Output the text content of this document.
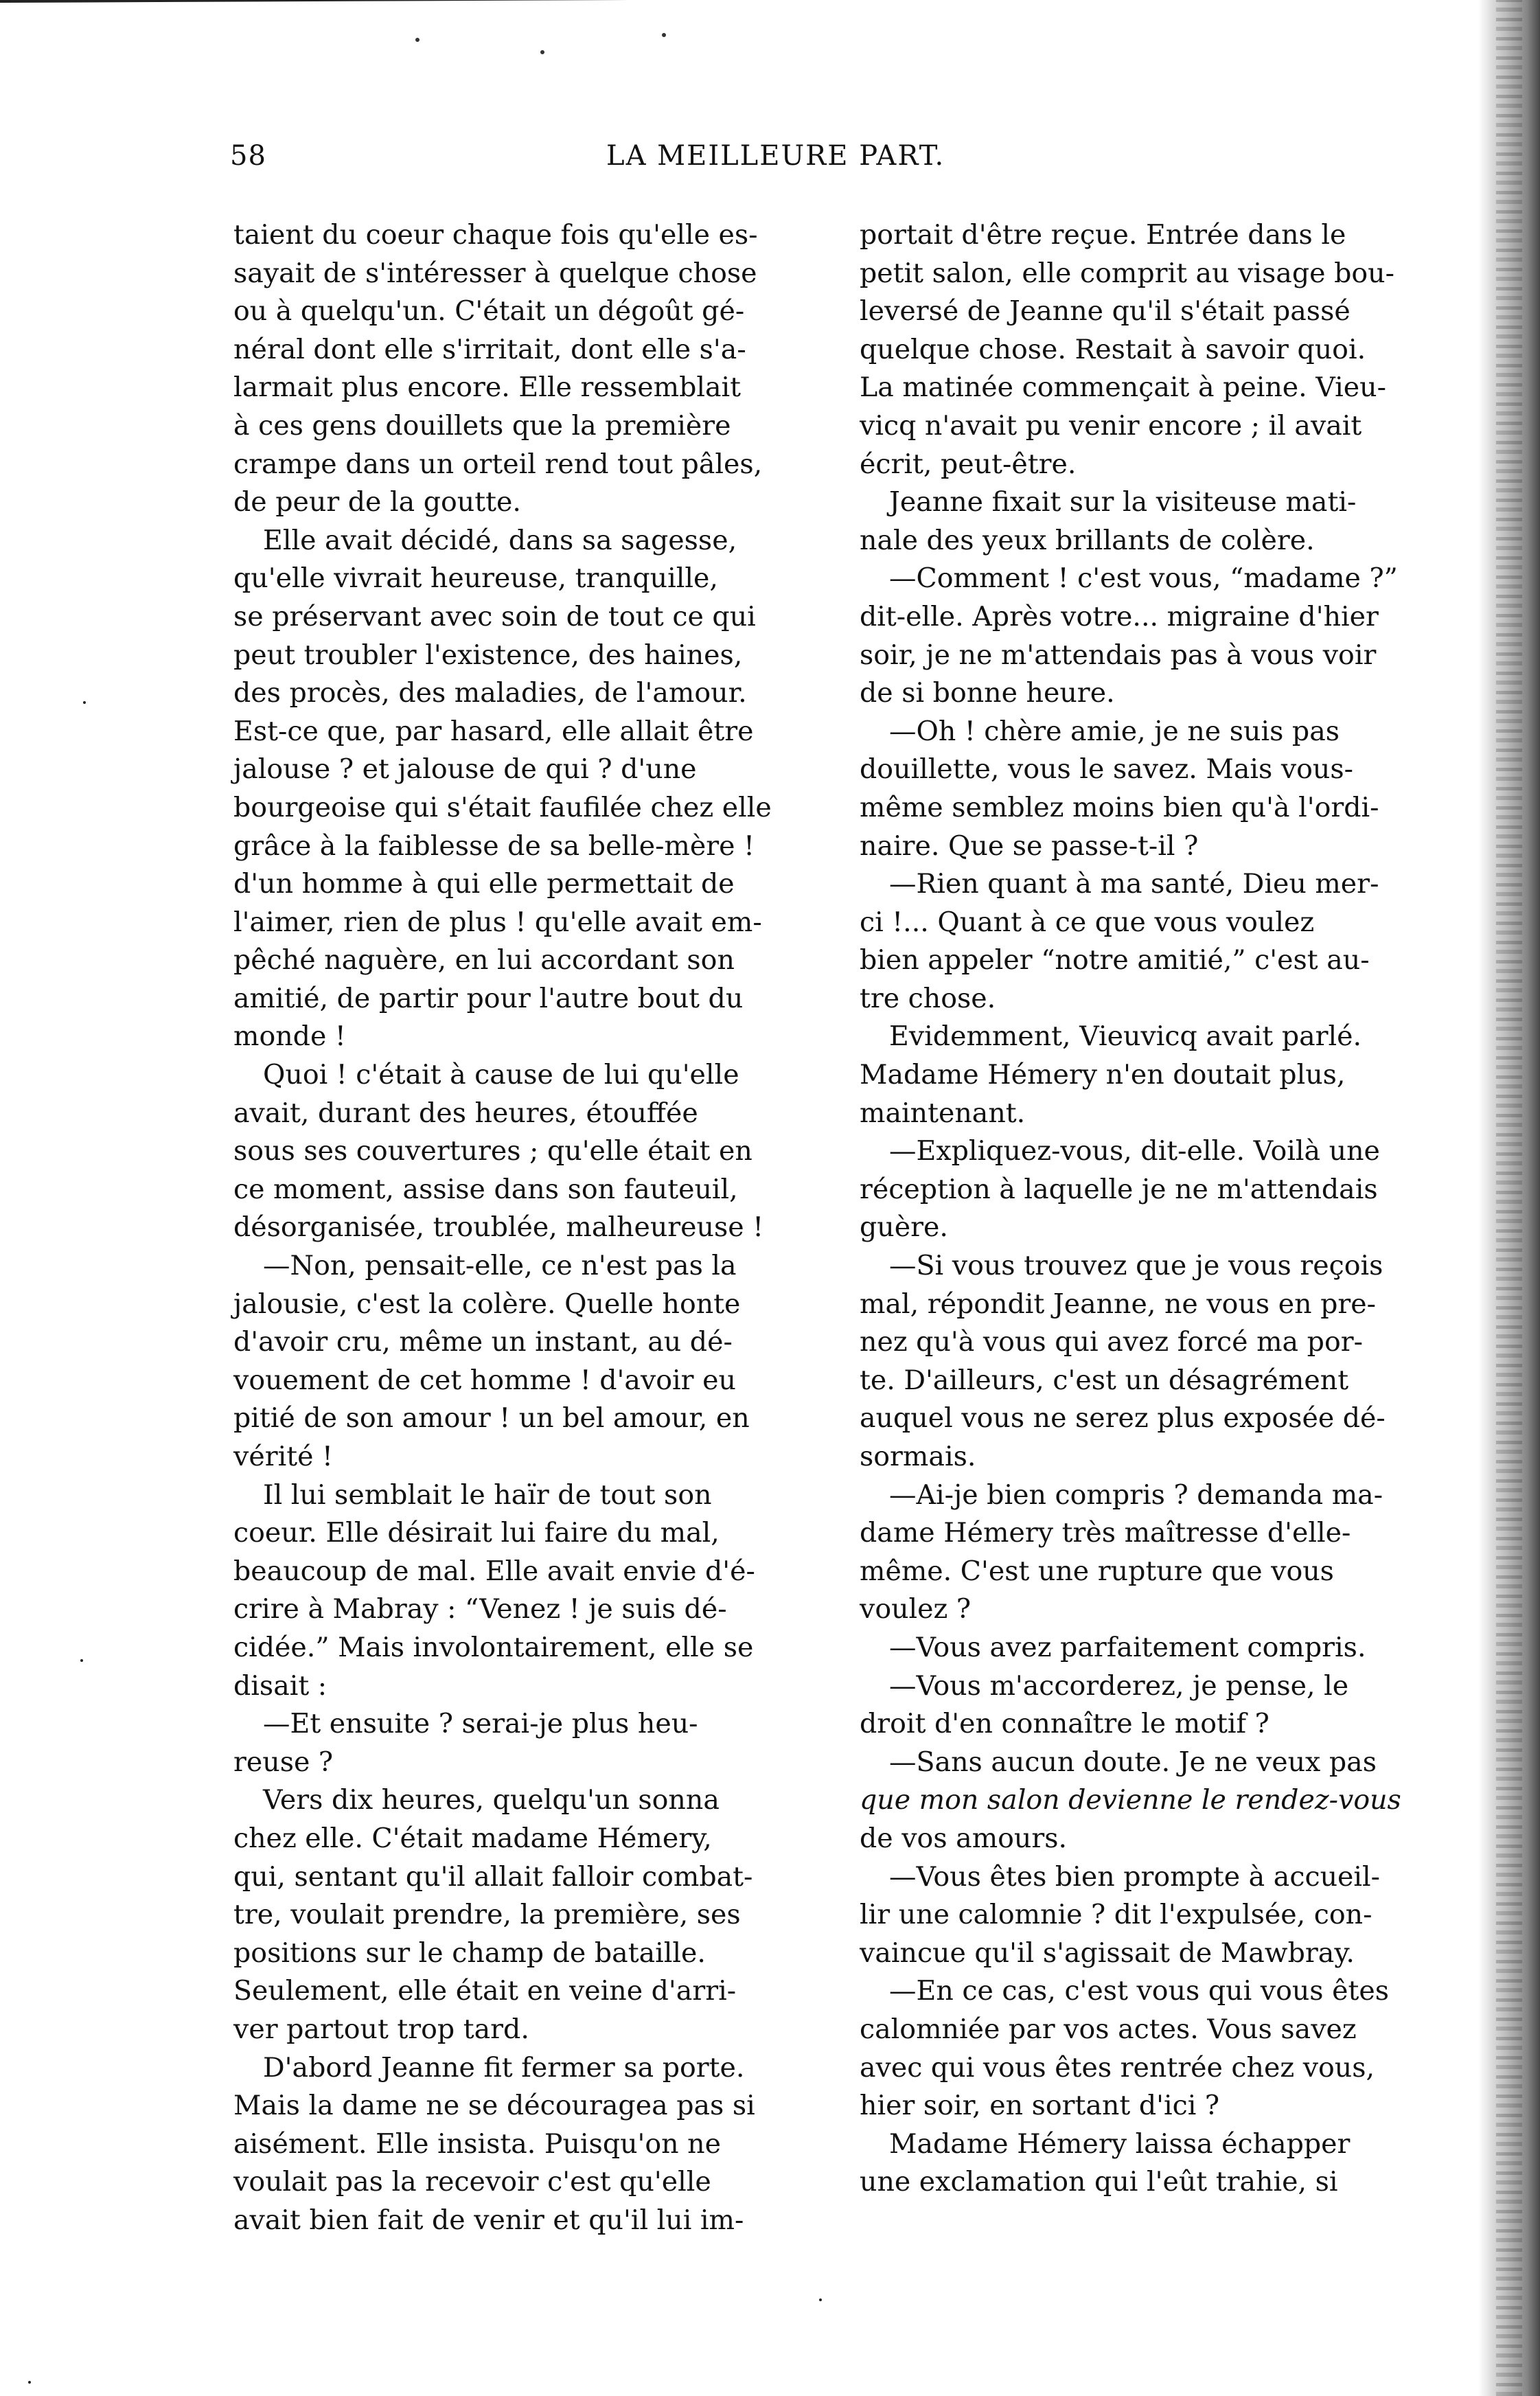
58	LA MEILLEURE PART.
taient du coeur chaque fois qu'elle es-
sayait de s'intéresser à quelque chose
ou à quelqu'un. C'était un dégoût gé-
néral dont elle s'irritait, dont elle s'a-
larmait plus encore. Elle ressemblait
à ces gens douillets que la première
crampe dans un orteil rend tout pâles,
de peur de la goutte.
Elle avait décidé, dans sa sagesse,
qu'elle vivrait heureuse, tranquille,
se préservant avec soin de tout ce qui
peut troubler l'existence, des haines,
des procès, des maladies, de l'amour.
Est-ce que, par hasard, elle allait être
jalouse ? et jalouse de qui ? d'une
bourgeoise qui s'était faufilée chez elle
grâce à la faiblesse de sa belle-mère !
d'un homme à qui elle permettait de
l'aimer, rien de plus ! qu'elle avait em-
pêché naguère, en lui accordant son
amitié, de partir pour l'autre bout du
monde !
Quoi ! c'était à cause de lui qu'elle
avait, durant des heures, étouffée
sous ses couvertures ; qu'elle était en
ce moment, assise dans son fauteuil,
désorganisée, troublée, malheureuse !
—Non, pensait-elle, ce n'est pas la
jalousie, c'est la colère. Quelle honte
d'avoir cru, même un instant, au dé-
vouement de cet homme ! d'avoir eu
pitié de son amour ! un bel amour, en
vérité !
Il lui semblait le haïr de tout son
coeur. Elle désirait lui faire du mal,
beaucoup de mal. Elle avait envie d'é-
crire à Mabray : “Venez ! je suis dé-
cidée.” Mais involontairement, elle se
disait :
—Et ensuite ? serai-je plus heu-
reuse ?
Vers dix heures, quelqu'un sonna
chez elle. C'était madame Hémery,
qui, sentant qu'il allait falloir combat-
tre, voulait prendre, la première, ses
positions sur le champ de bataille.
Seulement, elle était en veine d'arri-
ver partout trop tard.
D'abord Jeanne fit fermer sa porte.
Mais la dame ne se découragea pas si
aisément. Elle insista. Puisqu'on ne
voulait pas la recevoir c'est qu'elle
avait bien fait de venir et qu'il lui im-
portait d'être reçue. Entrée dans le
petit salon, elle comprit au visage bou-
leversé de Jeanne qu'il s'était passé
quelque chose. Restait à savoir quoi.
La matinée commençait à peine. Vieu-
vicq n'avait pu venir encore ; il avait
écrit, peut-être.
Jeanne fixait sur la visiteuse mati-
nale des yeux brillants de colère.
—Comment ! c'est vous, “madame ?”
dit-elle. Après votre... migraine d'hier
soir, je ne m'attendais pas à vous voir
de si bonne heure.
—Oh ! chère amie, je ne suis pas
douillette, vous le savez. Mais vous-
même semblez moins bien qu'à l'ordi-
naire. Que se passe-t-il ?
—Rien quant à ma santé, Dieu mer-
ci !... Quant à ce que vous voulez
bien appeler “notre amitié,” c'est au-
tre chose.
Evidemment, Vieuvicq avait parlé.
Madame Hémery n'en doutait plus,
maintenant.
—Expliquez-vous, dit-elle. Voilà une
réception à laquelle je ne m'attendais
guère.
—Si vous trouvez que je vous reçois
mal, répondit Jeanne, ne vous en pre-
nez qu'à vous qui avez forcé ma por-
te. D'ailleurs, c'est un désagrément
auquel vous ne serez plus exposée dé-
sormais.
—Ai-je bien compris ? demanda ma-
dame Hémery très maîtresse d'elle-
même. C'est une rupture que vous
voulez ?
—Vous avez parfaitement compris.
—Vous m'accorderez, je pense, le
droit d'en connaître le motif ?
—Sans aucun doute. Je ne veux pas
que mon salon devienne le rendez-vous
de vos amours.
—Vous êtes bien prompte à accueil-
lir une calomnie ? dit l'expulsée, con-
vaincue qu'il s'agissait de Mawbray.
—En ce cas, c'est vous qui vous êtes
calomniée par vos actes. Vous savez
avec qui vous êtes rentrée chez vous,
hier soir, en sortant d'ici ?
Madame Hémery laissa échapper
une exclamation qui l'eût trahie, si
